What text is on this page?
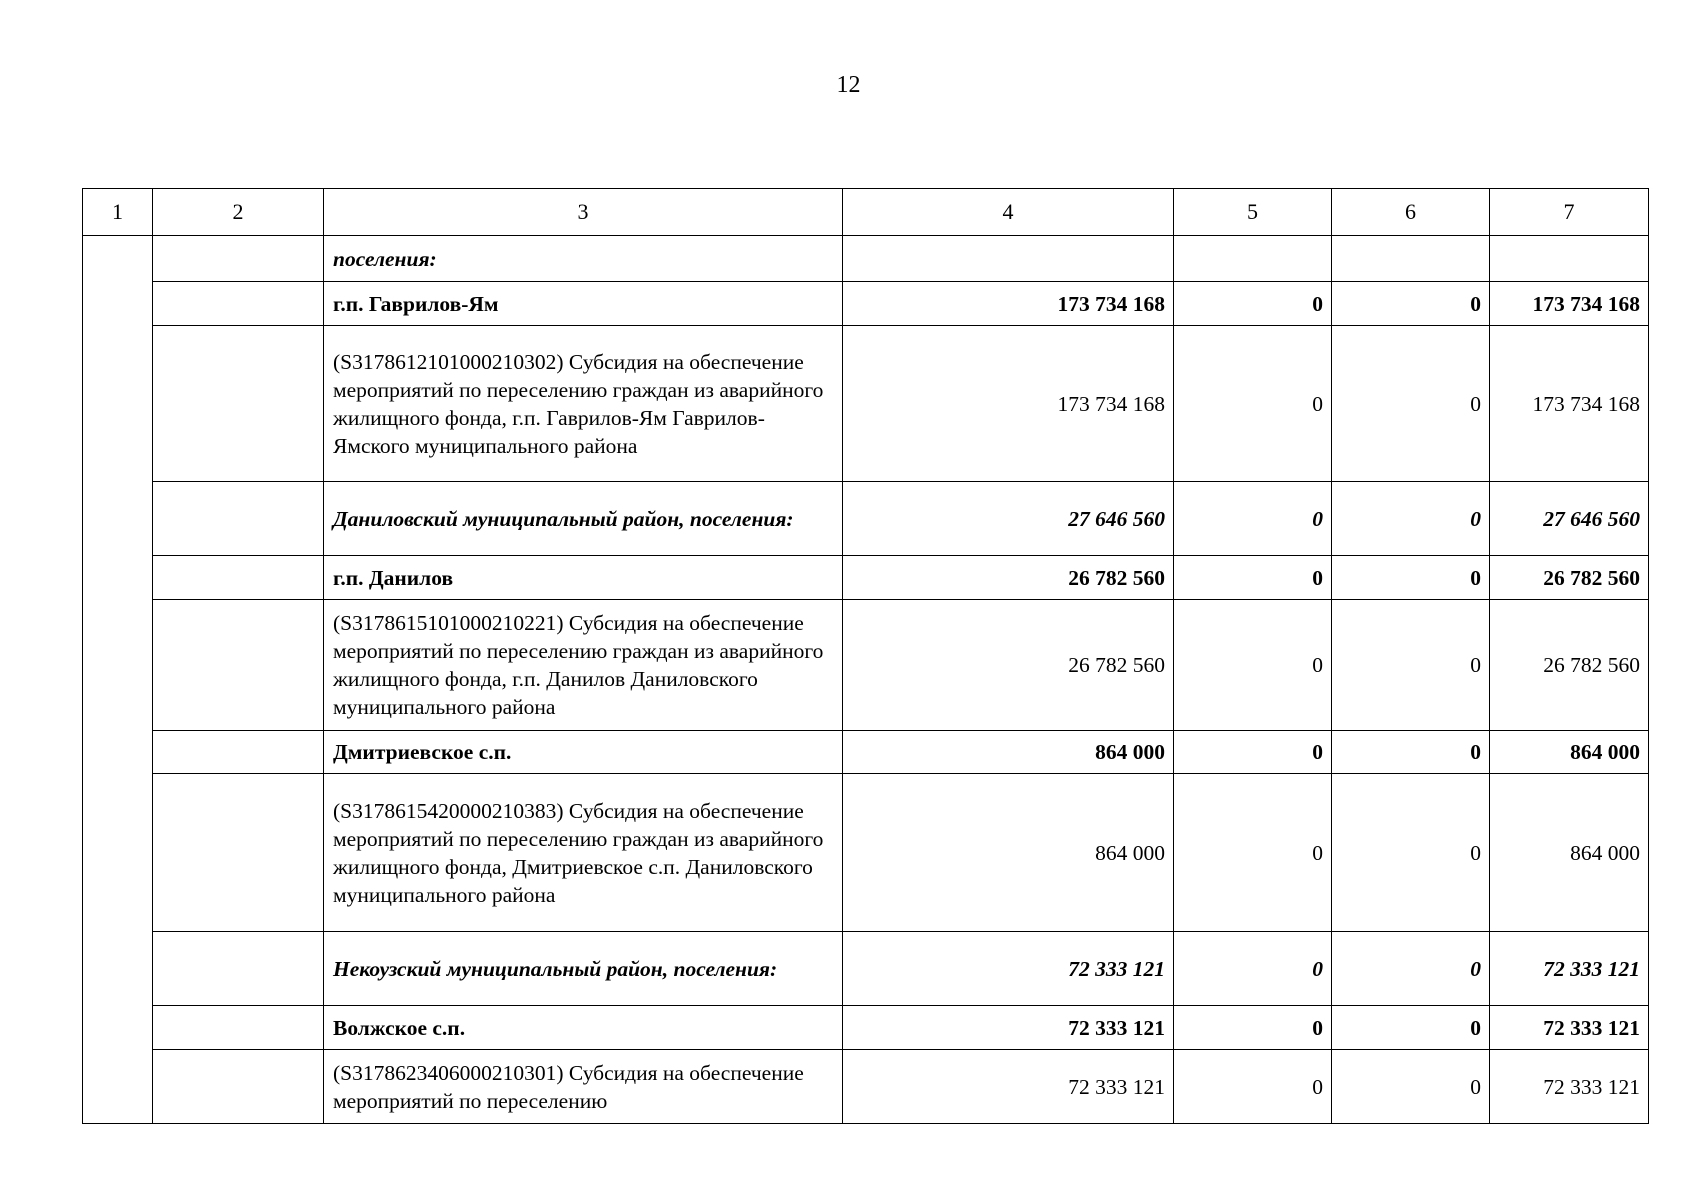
12
1	2	3	4	5	6	7
		поселения:				
		г.п. Гаврилов-Ям	173 734 168	0	0	173 734 168
		(S3178612101000210302) Субсидия на обеспечение мероприятий по переселению граждан из аварийного жилищного фонда, г.п. Гаврилов-Ям Гаврилов-Ямского муниципального района	173 734 168	0	0	173 734 168
		Даниловский муниципальный район, поселения:	27 646 560	0	0	27 646 560
		г.п. Данилов	26 782 560	0	0	26 782 560
		(S3178615101000210221) Субсидия на обеспечение мероприятий по переселению граждан из аварийного жилищного фонда, г.п. Данилов Даниловского муниципального района	26 782 560	0	0	26 782 560
		Дмитриевское с.п.	864 000	0	0	864 000
		(S3178615420000210383) Субсидия на обеспечение мероприятий по переселению граждан из аварийного жилищного фонда, Дмитриевское с.п. Даниловского муниципального района	864 000	0	0	864 000
		Некоузский муниципальный район, поселения:	72 333 121	0	0	72 333 121
		Волжское с.п.	72 333 121	0	0	72 333 121
		(S3178623406000210301) Субсидия на обеспечение мероприятий по переселению	72 333 121	0	0	72 333 121
